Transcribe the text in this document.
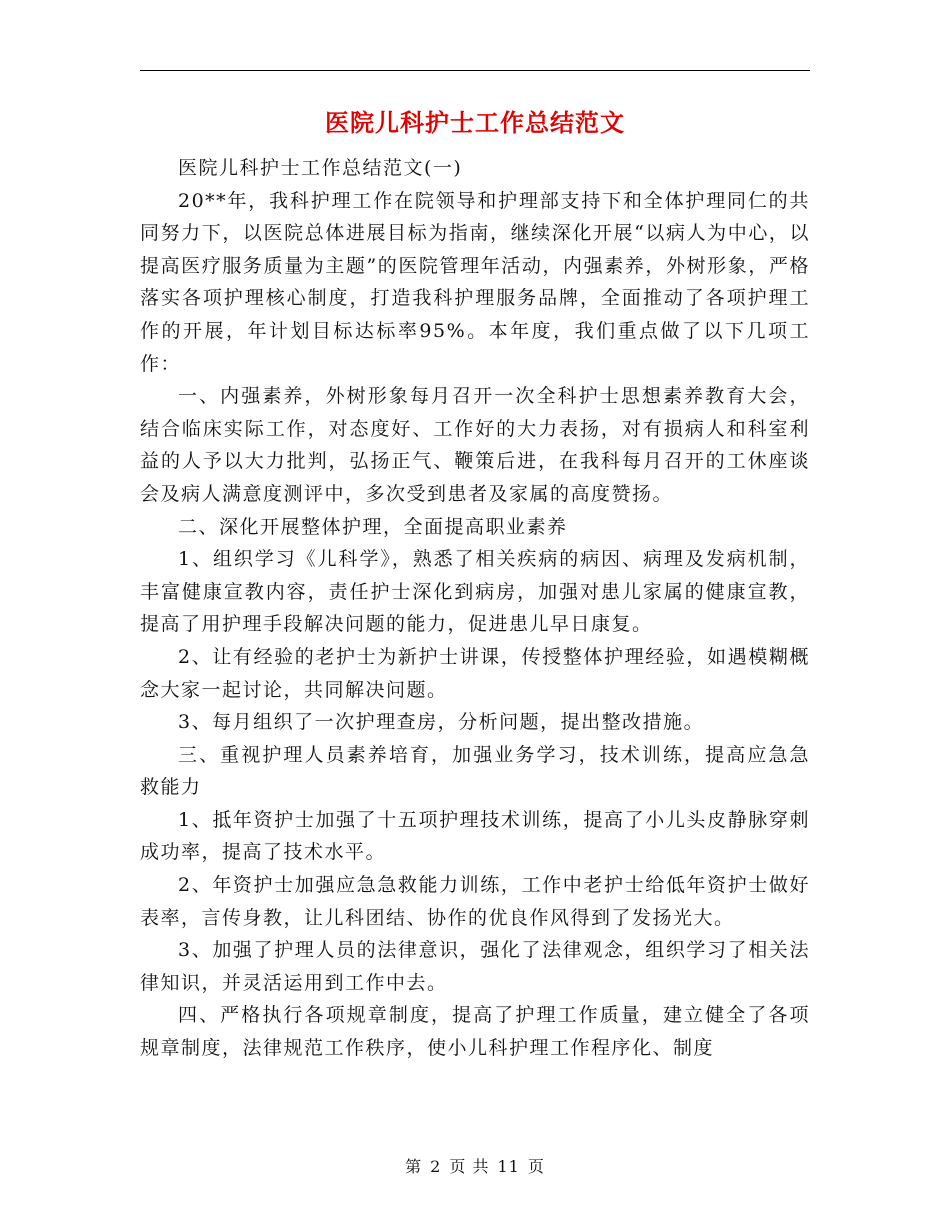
医院儿科护士工作总结范文

医院儿科护士工作总结范文(一)

20**年，我科护理工作在院领导和护理部支持下和全体护理同仁的共同努力下，以医院总体进展目标为指南，继续深化开展“以病人为中心，以提高医疗服务质量为主题”的医院管理年活动，内强素养，外树形象，严格落实各项护理核心制度，打造我科护理服务品牌，全面推动了各项护理工作的开展，年计划目标达标率95%。本年度，我们重点做了以下几项工作：

一、内强素养，外树形象每月召开一次全科护士思想素养教育大会，结合临床实际工作，对态度好、工作好的大力表扬，对有损病人和科室利益的人予以大力批判，弘扬正气、鞭策后进，在我科每月召开的工休座谈会及病人满意度测评中，多次受到患者及家属的高度赞扬。

二、深化开展整体护理，全面提高职业素养

1、组织学习《儿科学》，熟悉了相关疾病的病因、病理及发病机制，丰富健康宣教内容，责任护士深化到病房，加强对患儿家属的健康宣教，提高了用护理手段解决问题的能力，促进患儿早日康复。

2、让有经验的老护士为新护士讲课，传授整体护理经验，如遇模糊概念大家一起讨论，共同解决问题。

3、每月组织了一次护理查房，分析问题，提出整改措施。

三、重视护理人员素养培育，加强业务学习，技术训练，提高应急急救能力

1、抵年资护士加强了十五项护理技术训练，提高了小儿头皮静脉穿刺成功率，提高了技术水平。

2、年资护士加强应急急救能力训练，工作中老护士给低年资护士做好表率，言传身教，让儿科团结、协作的优良作风得到了发扬光大。

3、加强了护理人员的法律意识，强化了法律观念，组织学习了相关法律知识，并灵活运用到工作中去。

四、严格执行各项规章制度，提高了护理工作质量，建立健全了各项规章制度，法律规范工作秩序，使小儿科护理工作程序化、制度

第 2 页 共 11 页
